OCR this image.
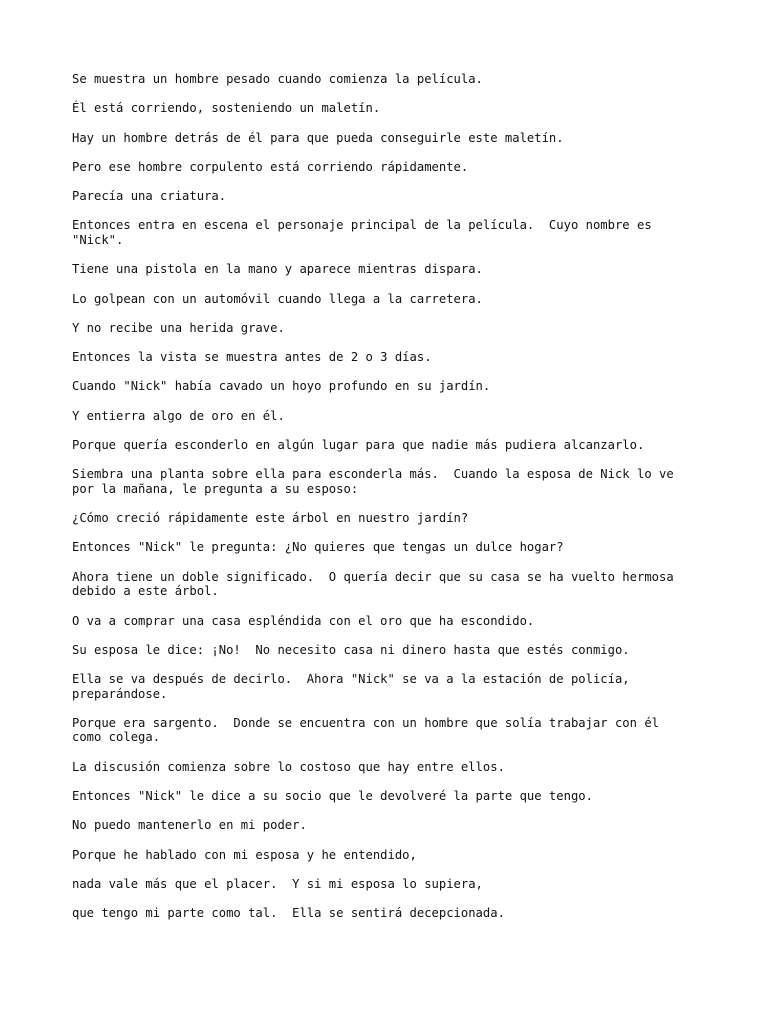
Se muestra un hombre pesado cuando comienza la película.

Él está corriendo, sosteniendo un maletín.

Hay un hombre detrás de él para que pueda conseguirle este maletín.

Pero ese hombre corpulento está corriendo rápidamente.

Parecía una criatura.

Entonces entra en escena el personaje principal de la película.  Cuyo nombre es
"Nick".

Tiene una pistola en la mano y aparece mientras dispara.

Lo golpean con un automóvil cuando llega a la carretera.

Y no recibe una herida grave.

Entonces la vista se muestra antes de 2 o 3 días.

Cuando "Nick" había cavado un hoyo profundo en su jardín.

Y entierra algo de oro en él.

Porque quería esconderlo en algún lugar para que nadie más pudiera alcanzarlo.

Siembra una planta sobre ella para esconderla más.  Cuando la esposa de Nick lo ve
por la mañana, le pregunta a su esposo:

¿Cómo creció rápidamente este árbol en nuestro jardín?

Entonces "Nick" le pregunta: ¿No quieres que tengas un dulce hogar?

Ahora tiene un doble significado.  O quería decir que su casa se ha vuelto hermosa
debido a este árbol.

O va a comprar una casa espléndida con el oro que ha escondido.

Su esposa le dice: ¡No!  No necesito casa ni dinero hasta que estés conmigo.

Ella se va después de decirlo.  Ahora "Nick" se va a la estación de policía,
preparándose.

Porque era sargento.  Donde se encuentra con un hombre que solía trabajar con él
como colega.

La discusión comienza sobre lo costoso que hay entre ellos.

Entonces "Nick" le dice a su socio que le devolveré la parte que tengo.

No puedo mantenerlo en mi poder.

Porque he hablado con mi esposa y he entendido,

nada vale más que el placer.  Y si mi esposa lo supiera,

que tengo mi parte como tal.  Ella se sentirá decepcionada.
